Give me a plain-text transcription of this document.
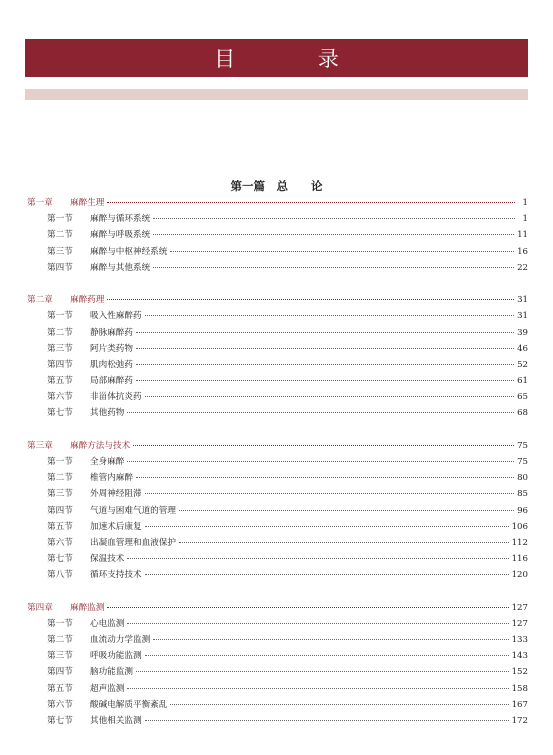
目 录
第一篇　总　　论
第一章	麻醉生理	1
第一节	麻醉与循环系统	1
第二节	麻醉与呼吸系统	11
第三节	麻醉与中枢神经系统	16
第四节	麻醉与其他系统	22
第二章	麻醉药理	31
第一节	吸入性麻醉药	31
第二节	静脉麻醉药	39
第三节	阿片类药物	46
第四节	肌肉松弛药	52
第五节	局部麻醉药	61
第六节	非甾体抗炎药	65
第七节	其他药物	68
第三章	麻醉方法与技术	75
第一节	全身麻醉	75
第二节	椎管内麻醉	80
第三节	外周神经阻滞	85
第四节	气道与困难气道的管理	96
第五节	加速术后康复	106
第六节	出凝血管理和血液保护	112
第七节	保温技术	116
第八节	循环支持技术	120
第四章	麻醉监测	127
第一节	心电监测	127
第二节	血流动力学监测	133
第三节	呼吸功能监测	143
第四节	脑功能监测	152
第五节	超声监测	158
第六节	酸碱电解质平衡紊乱	167
第七节	其他相关监测	172
